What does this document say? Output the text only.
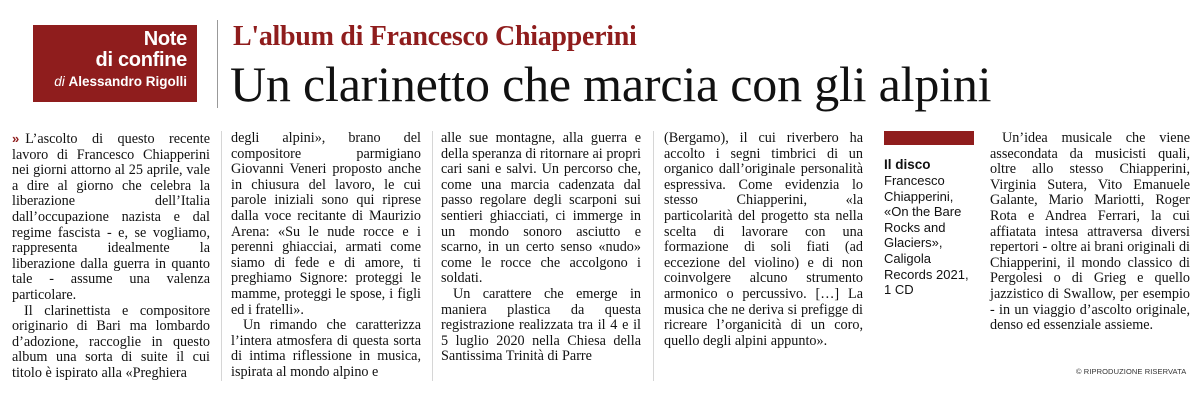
Note
di confine
di Alessandro Rigolli
L'album di Francesco Chiapperini
Un clarinetto che marcia con gli alpini

» L’ascolto di questo recente lavoro di Francesco Chiapperini nei giorni attorno al 25 aprile, vale a dire al giorno che celebra la liberazione dell’Italia dall’occupazione nazista e dal regime fascista - e, se vogliamo, rappresenta idealmente la liberazione dalla guerra in quanto tale - assume una valenza particolare.

Il clarinettista e compositore originario di Bari ma lombardo d’adozione, raccoglie in questo album una sorta di suite il cui titolo è ispirato alla «Preghiera

degli alpini», brano del compositore parmigiano Giovanni Veneri proposto anche in chiusura del lavoro, le cui parole iniziali sono qui riprese dalla voce recitante di Maurizio Arena: «Su le nude rocce e i perenni ghiacciai, armati come siamo di fede e di amore, ti preghiamo Signore: proteggi le mamme, proteggi le spose, i figli ed i fratelli».

Un rimando che caratterizza l’intera atmosfera di questa sorta di intima riflessione in musica, ispirata al mondo alpino e

alle sue montagne, alla guerra e della speranza di ritornare ai propri cari sani e salvi. Un percorso che, come una marcia cadenzata dal passo regolare degli scarponi sui sentieri ghiacciati, ci immerge in un mondo sonoro asciutto e scarno, in un certo senso «nudo» come le rocce che accolgono i soldati.

Un carattere che emerge in maniera plastica da questa registrazione realizzata tra il 4 e il 5 luglio 2020 nella Chiesa della Santissima Trinità di Parre

(Bergamo), il cui riverbero ha accolto i segni timbrici di un organico dall’originale personalità espressiva. Come evidenzia lo stesso Chiapperini, «la particolarità del progetto sta nella scelta di lavorare con una formazione di soli fiati (ad eccezione del violino) e di non coinvolgere alcuno strumento armonico o percussivo. […] La musica che ne deriva si prefigge di ricreare l’organicità di un coro, quello degli alpini appunto».

Il disco
Francesco Chiapperini, «On the Bare Rocks and Glaciers», Caligola Records 2021, 1 CD

Un’idea musicale che viene assecondata da musicisti quali, oltre allo stesso Chiapperini, Virginia Sutera, Vito Emanuele Galante, Mario Mariotti, Roger Rota e Andrea Ferrari, la cui affiatata intesa attraversa diversi repertori - oltre ai brani originali di Chiapperini, il mondo classico di Pergolesi o di Grieg e quello jazzistico di Swallow, per esempio - in un viaggio d’ascolto originale, denso ed essenziale assieme.

© RIPRODUZIONE RISERVATA
